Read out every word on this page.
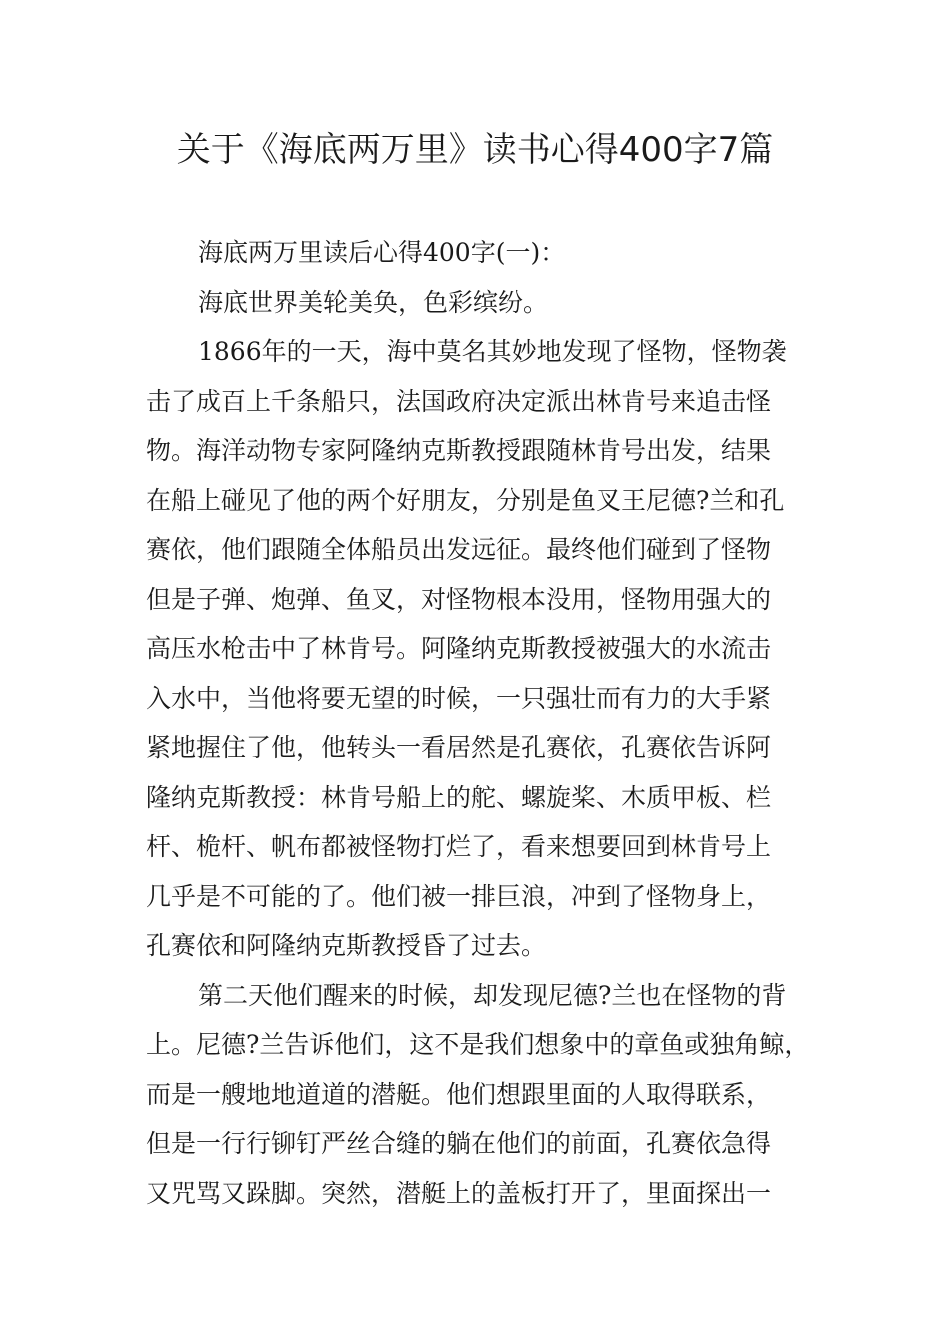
关于《海底两万里》读书心得400字7篇
海底两万里读后心得400字(一)：
海底世界美轮美奂，色彩缤纷。
1866年的一天，海中莫名其妙地发现了怪物，怪物袭
击了成百上千条船只，法国政府决定派出林肯号来追击怪
物。海洋动物专家阿隆纳克斯教授跟随林肯号出发，结果
在船上碰见了他的两个好朋友，分别是鱼叉王尼德?兰和孔
赛依，他们跟随全体船员出发远征。最终他们碰到了怪物
但是子弹、炮弹、鱼叉，对怪物根本没用，怪物用强大的
高压水枪击中了林肯号。阿隆纳克斯教授被强大的水流击
入水中，当他将要无望的时候，一只强壮而有力的大手紧
紧地握住了他，他转头一看居然是孔赛依，孔赛依告诉阿
隆纳克斯教授：林肯号船上的舵、螺旋桨、木质甲板、栏
杆、桅杆、帆布都被怪物打烂了，看来想要回到林肯号上
几乎是不可能的了。他们被一排巨浪，冲到了怪物身上，
孔赛依和阿隆纳克斯教授昏了过去。
第二天他们醒来的时候，却发现尼德?兰也在怪物的背
上。尼德?兰告诉他们，这不是我们想象中的章鱼或独角鲸，
而是一艘地地道道的潜艇。他们想跟里面的人取得联系，
但是一行行铆钉严丝合缝的躺在他们的前面，孔赛依急得
又咒骂又跺脚。突然，潜艇上的盖板打开了，里面探出一
